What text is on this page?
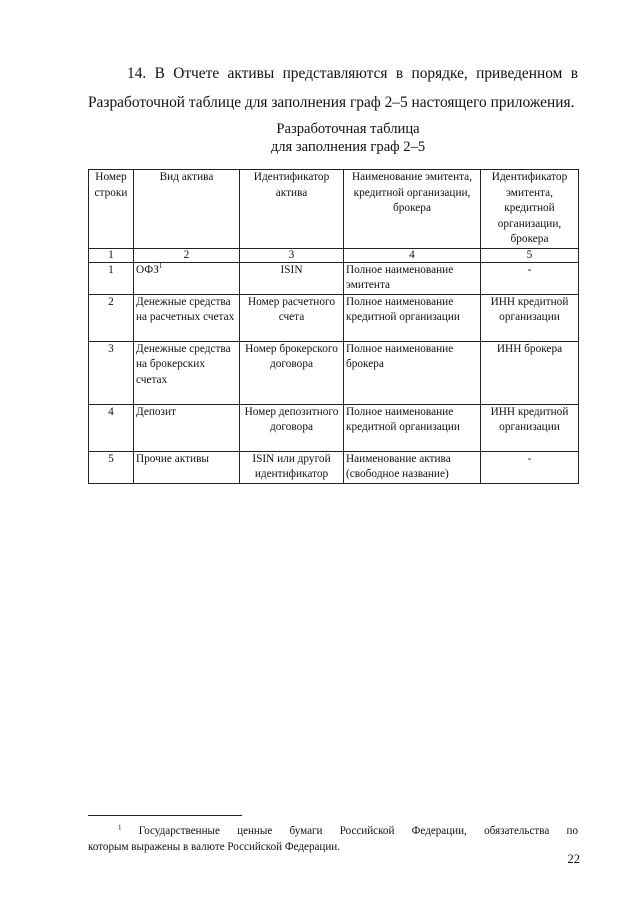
14. В Отчете активы представляются в порядке, приведенном в
Разработочной таблице для заполнения граф 2–5 настоящего приложения.
Разработочная таблица
для заполнения граф 2–5
Номер строки	Вид актива	Идентификатор актива	Наименование эмитента, кредитной организации, брокера	Идентификатор эмитента, кредитной организации, брокера
1	2	3	4	5
1	ОФЗ$^1$	ISIN	Полное наименование эмитента	-
2	Денежные средства на расчетных счетах	Номер расчетного счета	Полное наименование кредитной организации	ИНН кредитной организации
3	Денежные средства на брокерских счетах	Номер брокерского договора	Полное наименование брокера	ИНН брокера
4	Депозит	Номер депозитного договора	Полное наименование кредитной организации	ИНН кредитной организации
5	Прочие активы	ISIN или другой идентификатор	Наименование актива (свободное название)	-
$^1$ Государственные ценные бумаги Российской Федерации, обязательства по
которым выражены в валюте Российской Федерации.
22
